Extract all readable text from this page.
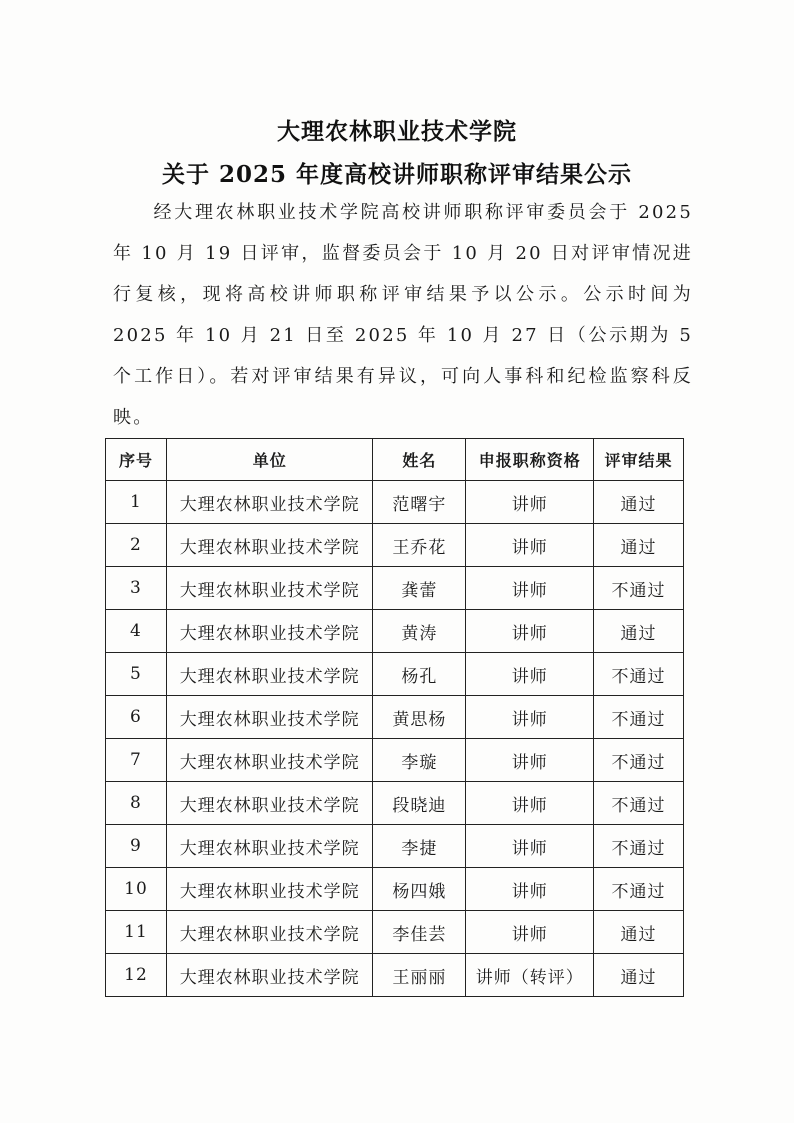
大理农林职业技术学院
关于 2025 年度高校讲师职称评审结果公示
经大理农林职业技术学院高校讲师职称评审委员会于 2025 年 10 月 19 日评审，监督委员会于 10 月 20 日对评审情况进行复核，现将高校讲师职称评审结果予以公示。公示时间为 2025 年 10 月 21 日至 2025 年 10 月 27 日（公示期为 5 个工作日）。若对评审结果有异议，可向人事科和纪检监察科反映。
序号	单位	姓名	申报职称资格	评审结果
1	大理农林职业技术学院	范曙宇	讲师	通过
2	大理农林职业技术学院	王乔花	讲师	通过
3	大理农林职业技术学院	龚蕾	讲师	不通过
4	大理农林职业技术学院	黄涛	讲师	通过
5	大理农林职业技术学院	杨孔	讲师	不通过
6	大理农林职业技术学院	黄思杨	讲师	不通过
7	大理农林职业技术学院	李璇	讲师	不通过
8	大理农林职业技术学院	段晓迪	讲师	不通过
9	大理农林职业技术学院	李捷	讲师	不通过
10	大理农林职业技术学院	杨四娥	讲师	不通过
11	大理农林职业技术学院	李佳芸	讲师	通过
12	大理农林职业技术学院	王丽丽	讲师（转评）	通过
